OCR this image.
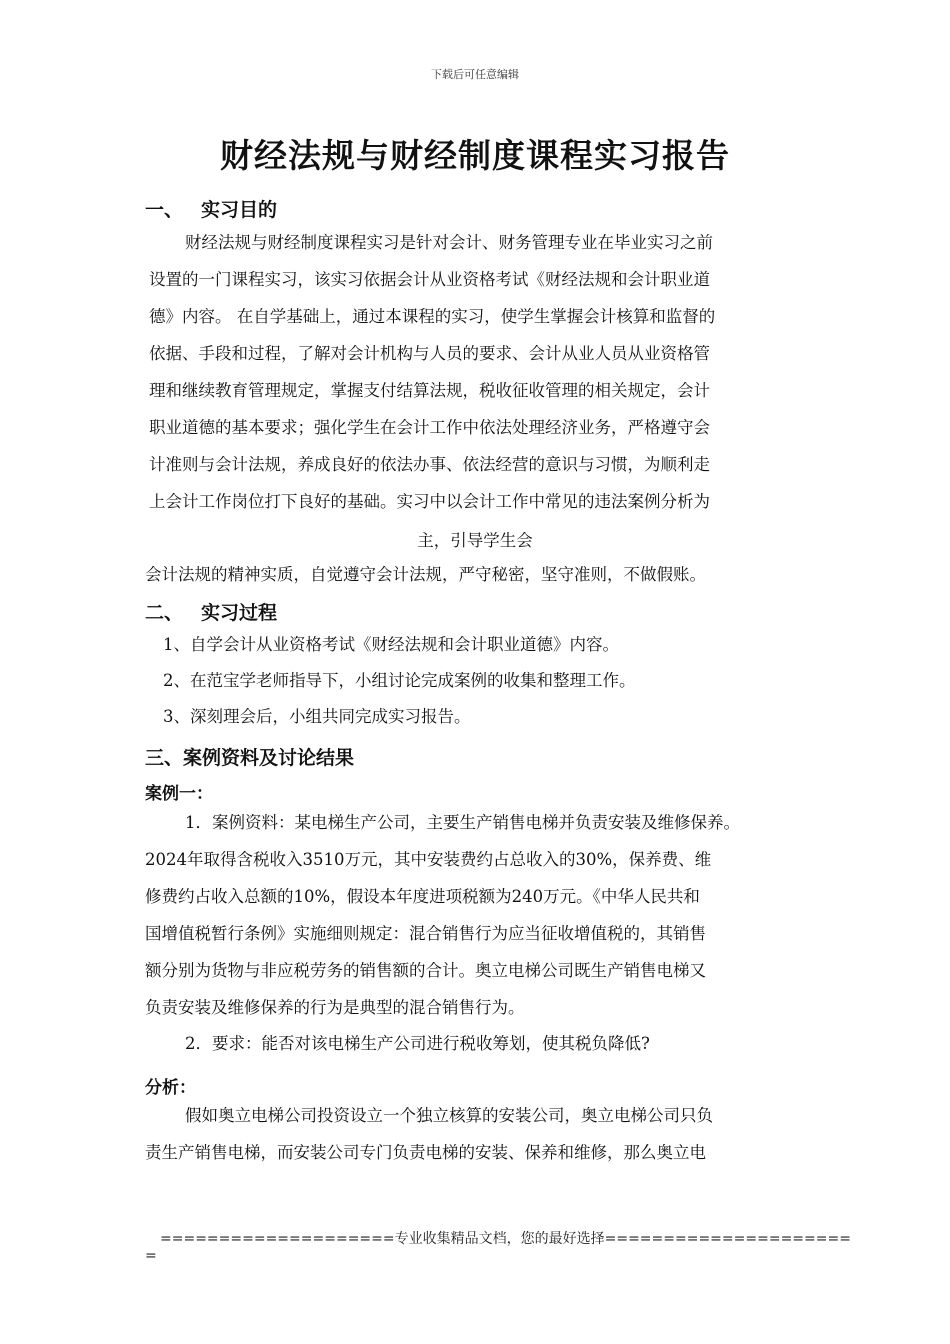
下载后可任意编辑
财经法规与财经制度课程实习报告
一、 实习目的
财经法规与财经制度课程实习是针对会计、财务管理专业在毕业实习之前
设置的一门课程实习，该实习依据会计从业资格考试《财经法规和会计职业道
德》内容。 在自学基础上，通过本课程的实习，使学生掌握会计核算和监督的
依据、手段和过程，了解对会计机构与人员的要求、会计从业人员从业资格管
理和继续教育管理规定，掌握支付结算法规，税收征收管理的相关规定，会计
职业道德的基本要求；强化学生在会计工作中依法处理经济业务，严格遵守会
计准则与会计法规，养成良好的依法办事、依法经营的意识与习惯，为顺利走
上会计工作岗位打下良好的基础。实习中以会计工作中常见的违法案例分析为
主，引导学生会
会计法规的精神实质，自觉遵守会计法规，严守秘密，坚守准则，不做假账。
二、 实习过程
1、自学会计从业资格考试《财经法规和会计职业道德》内容。
2、在范宝学老师指导下，小组讨论完成案例的收集和整理工作。
3、深刻理会后，小组共同完成实习报告。
三、案例资料及讨论结果
案例一：
1．案例资料：某电梯生产公司，主要生产销售电梯并负责安装及维修保养。
2024年取得含税收入3510万元，其中安装费约占总收入的30%，保养费、维
修费约占收入总额的10%，假设本年度进项税额为240万元。《中华人民共和
国增值税暂行条例》实施细则规定：混合销售行为应当征收增值税的，其销售
额分别为货物与非应税劳务的销售额的合计。奥立电梯公司既生产销售电梯又
负责安装及维修保养的行为是典型的混合销售行为。
2．要求：能否对该电梯生产公司进行税收筹划，使其税负降低?
分析：
假如奥立电梯公司投资设立一个独立核算的安装公司，奥立电梯公司只负
责生产销售电梯，而安装公司专门负责电梯的安装、保养和维修，那么奥立电
====================专业收集精品文档，您的最好选择=====================
=
